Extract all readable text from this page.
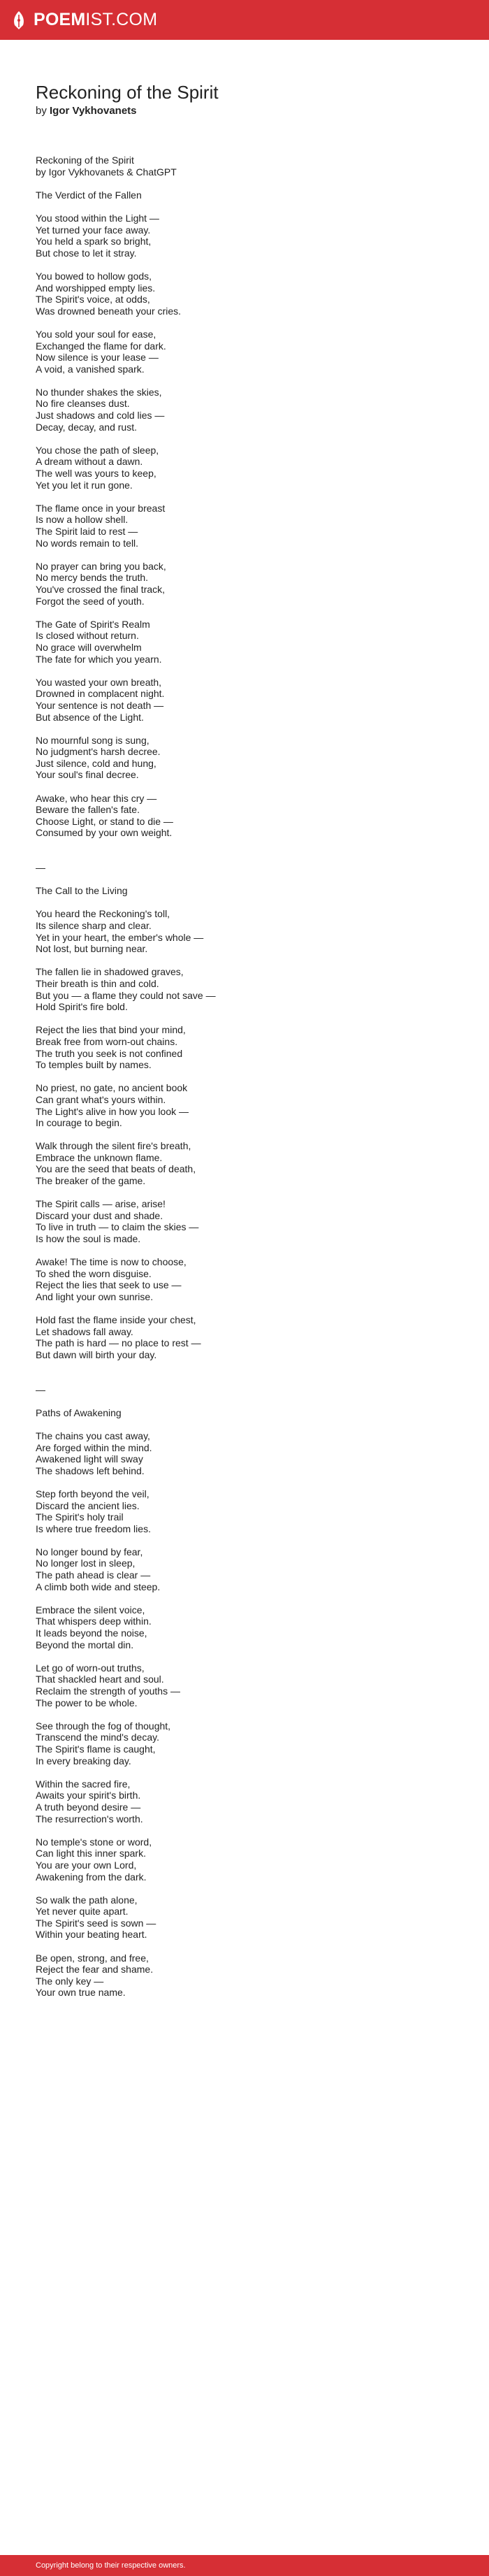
POEMIST.COM
Reckoning of the Spirit
by Igor Vykhovanets

Reckoning of the Spirit
by Igor Vykhovanets & ChatGPT

The Verdict of the Fallen

You stood within the Light —
Yet turned your face away.
You held a spark so bright,
But chose to let it stray.

You bowed to hollow gods,
And worshipped empty lies.
The Spirit's voice, at odds,
Was drowned beneath your cries.

You sold your soul for ease,
Exchanged the flame for dark.
Now silence is your lease —
A void, a vanished spark.

No thunder shakes the skies,
No fire cleanses dust.
Just shadows and cold lies —
Decay, decay, and rust.

You chose the path of sleep,
A dream without a dawn.
The well was yours to keep,
Yet you let it run gone.

The flame once in your breast
Is now a hollow shell.
The Spirit laid to rest —
No words remain to tell.

No prayer can bring you back,
No mercy bends the truth.
You've crossed the final track,
Forgot the seed of youth.

The Gate of Spirit's Realm
Is closed without return.
No grace will overwhelm
The fate for which you yearn.

You wasted your own breath,
Drowned in complacent night.
Your sentence is not death —
But absence of the Light.

No mournful song is sung,
No judgment's harsh decree.
Just silence, cold and hung,
Your soul's final decree.

Awake, who hear this cry —
Beware the fallen's fate.
Choose Light, or stand to die —
Consumed by your own weight.

—

The Call to the Living

You heard the Reckoning's toll,
Its silence sharp and clear.
Yet in your heart, the ember's whole —
Not lost, but burning near.

The fallen lie in shadowed graves,
Their breath is thin and cold.
But you — a flame they could not save —
Hold Spirit's fire bold.

Reject the lies that bind your mind,
Break free from worn-out chains.
The truth you seek is not confined
To temples built by names.

No priest, no gate, no ancient book
Can grant what's yours within.
The Light's alive in how you look —
In courage to begin.

Walk through the silent fire's breath,
Embrace the unknown flame.
You are the seed that beats of death,
The breaker of the game.

The Spirit calls — arise, arise!
Discard your dust and shade.
To live in truth — to claim the skies —
Is how the soul is made.

Awake! The time is now to choose,
To shed the worn disguise.
Reject the lies that seek to use —
And light your own sunrise.

Hold fast the flame inside your chest,
Let shadows fall away.
The path is hard — no place to rest —
But dawn will birth your day.

—

Paths of Awakening

The chains you cast away,
Are forged within the mind.
Awakened light will sway
The shadows left behind.

Step forth beyond the veil,
Discard the ancient lies.
The Spirit's holy trail
Is where true freedom lies.

No longer bound by fear,
No longer lost in sleep,
The path ahead is clear —
A climb both wide and steep.

Embrace the silent voice,
That whispers deep within.
It leads beyond the noise,
Beyond the mortal din.

Let go of worn-out truths,
That shackled heart and soul.
Reclaim the strength of youths —
The power to be whole.

See through the fog of thought,
Transcend the mind's decay.
The Spirit's flame is caught,
In every breaking day.

Within the sacred fire,
Awaits your spirit's birth.
A truth beyond desire —
The resurrection's worth.

No temple's stone or word,
Can light this inner spark.
You are your own Lord,
Awakening from the dark.

So walk the path alone,
Yet never quite apart.
The Spirit's seed is sown —
Within your beating heart.

Be open, strong, and free,
Reject the fear and shame.
The only key —
Your own true name.

Copyright belong to their respective owners.
